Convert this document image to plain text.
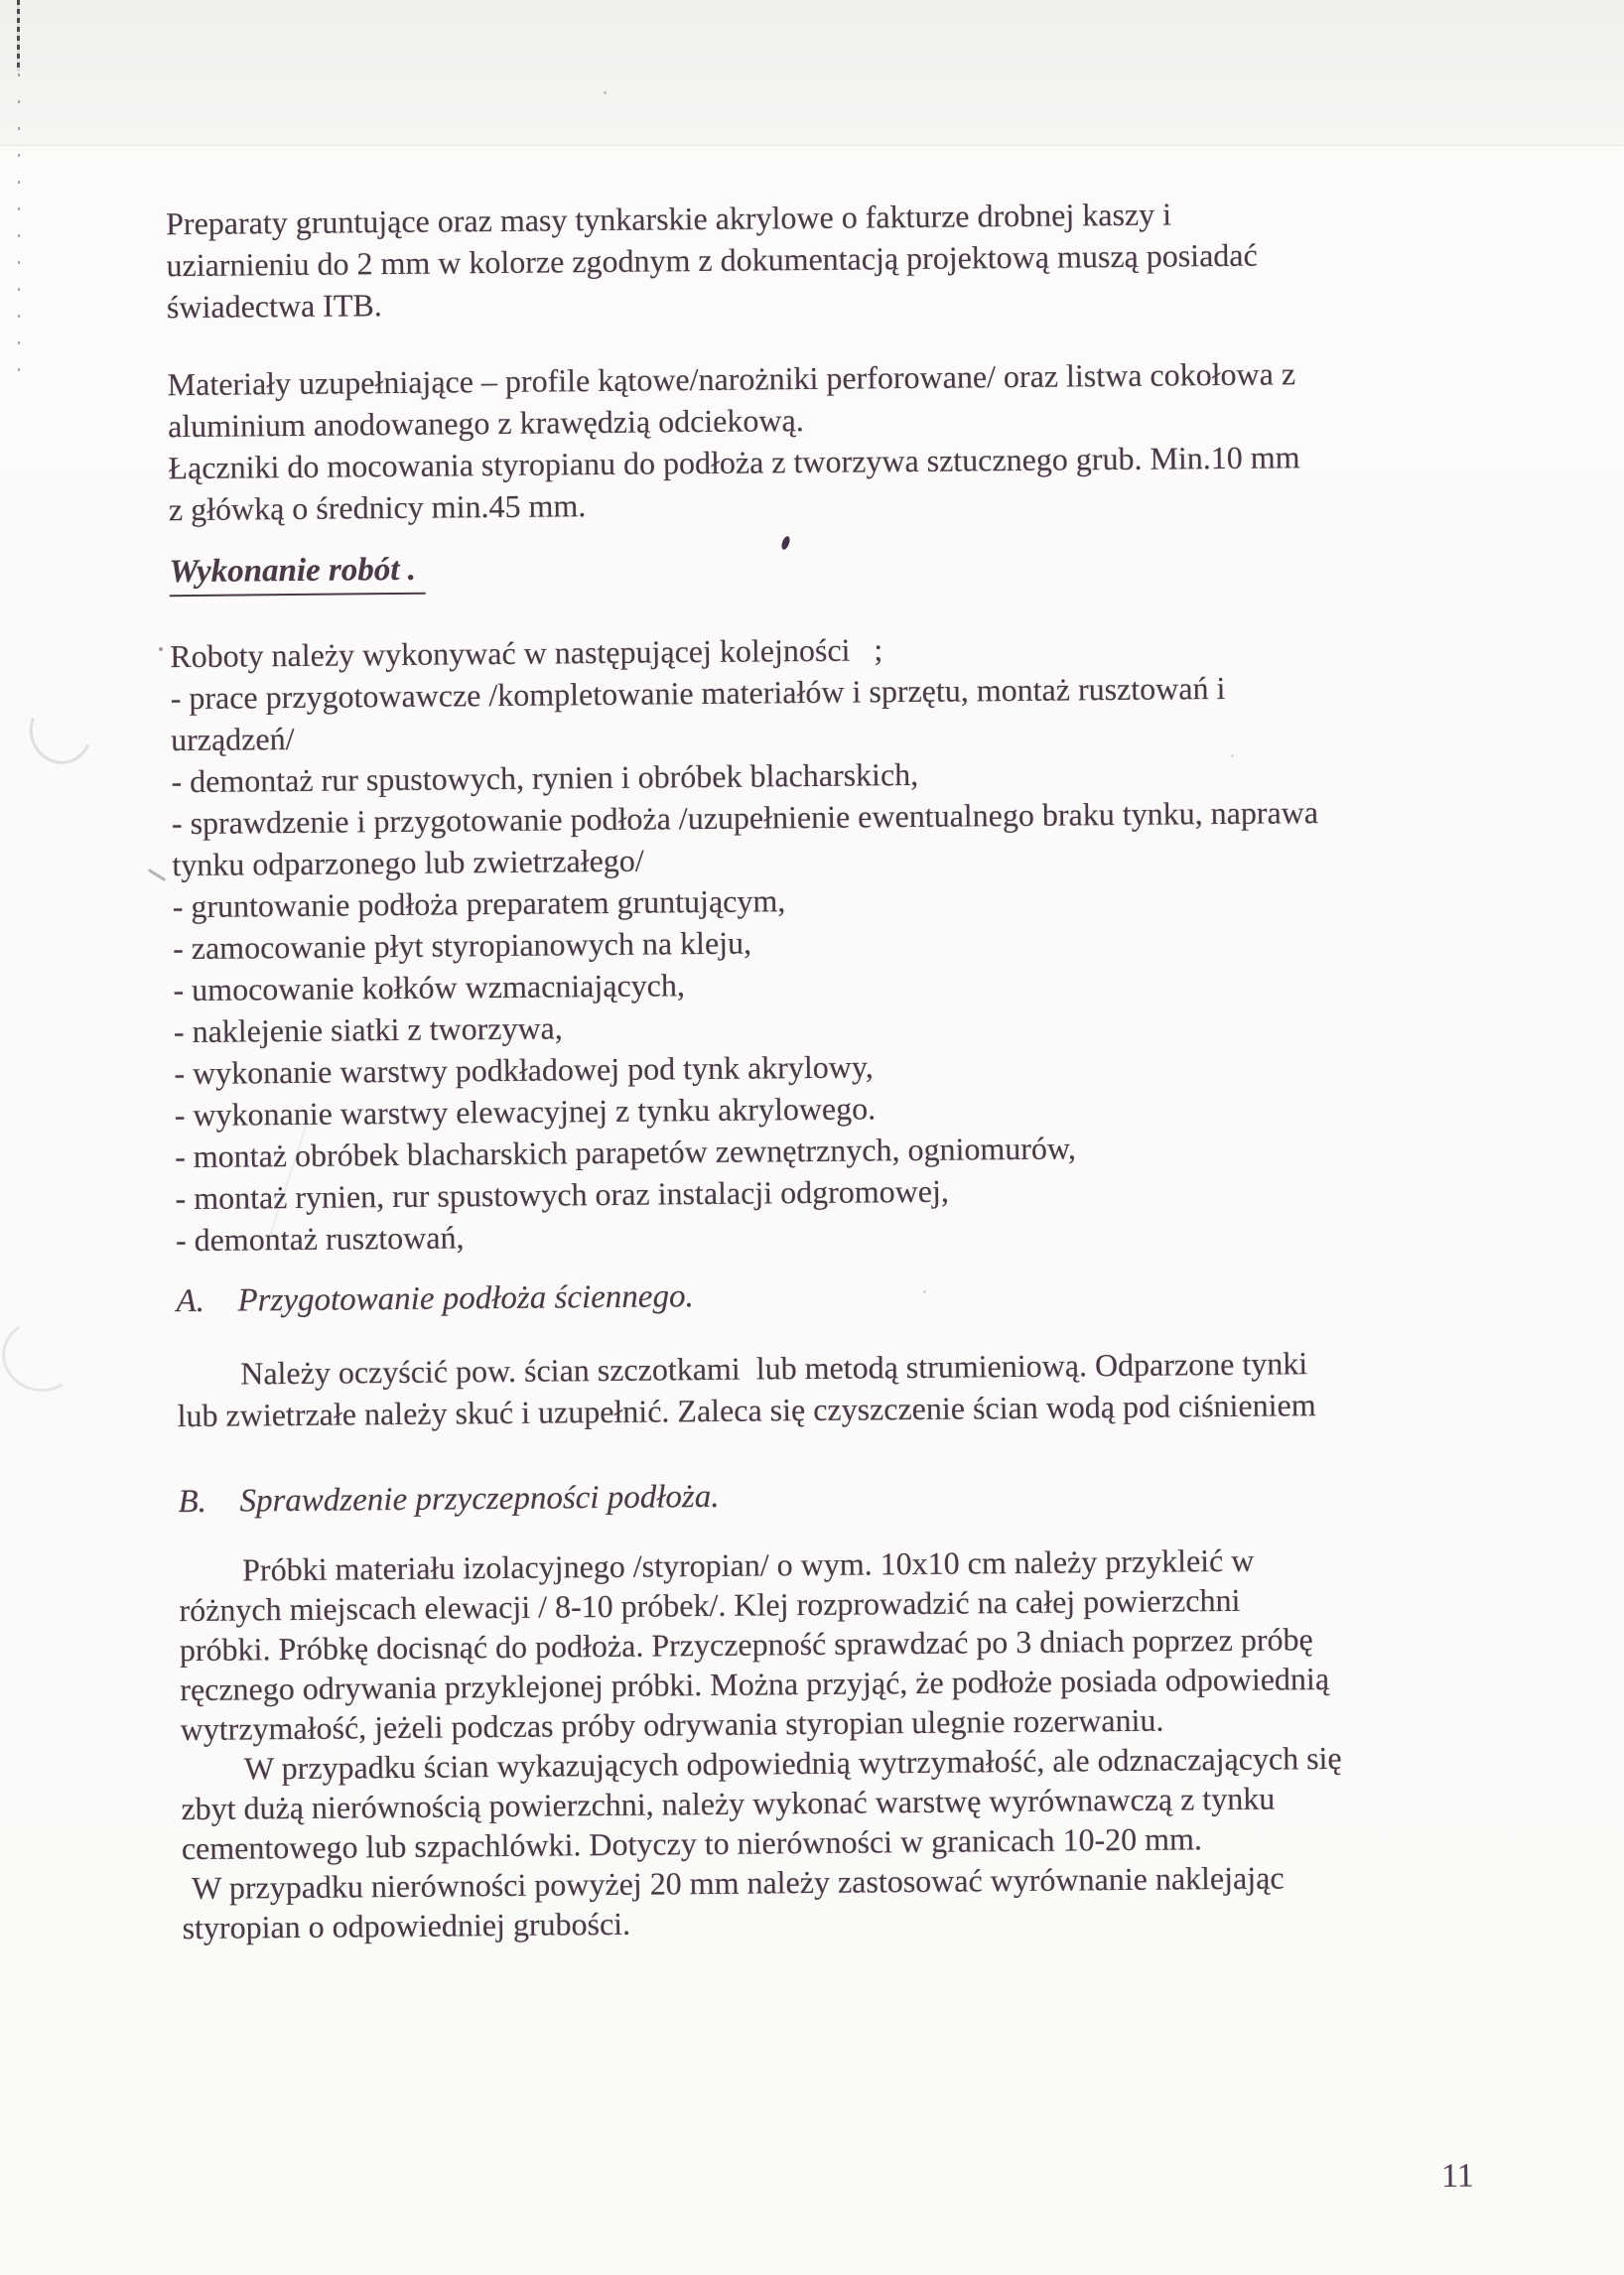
Preparaty gruntujące oraz masy tynkarskie akrylowe o fakturze drobnej kaszy i
uziarnieniu do 2 mm w kolorze zgodnym z dokumentacją projektową muszą posiadać
świadectwa ITB.
Materiały uzupełniające – profile kątowe/narożniki perforowane/ oraz listwa cokołowa z
aluminium anodowanego z krawędzią odciekową.
Łączniki do mocowania styropianu do podłoża z tworzywa sztucznego grub. Min.10 mm
z główką o średnicy min.45 mm.
Wykonanie robót .
Roboty należy wykonywać w następującej kolejności   ;
- prace przygotowawcze /kompletowanie materiałów i sprzętu, montaż rusztowań i
urządzeń/
- demontaż rur spustowych, rynien i obróbek blacharskich,
- sprawdzenie i przygotowanie podłoża /uzupełnienie ewentualnego braku tynku, naprawa
tynku odparzonego lub zwietrzałego/
- gruntowanie podłoża preparatem gruntującym,
- zamocowanie płyt styropianowych na kleju,
- umocowanie kołków wzmacniających,
- naklejenie siatki z tworzywa,
- wykonanie warstwy podkładowej pod tynk akrylowy,
- wykonanie warstwy elewacyjnej z tynku akrylowego.
- montaż obróbek blacharskich parapetów zewnętrznych, ogniomurów,
- montaż rynien, rur spustowych oraz instalacji odgromowej,
- demontaż rusztowań,
A. Przygotowanie podłoża ściennego.
Należy oczyścić pow. ścian szczotkami  lub metodą strumieniową. Odparzone tynki
lub zwietrzałe należy skuć i uzupełnić. Zaleca się czyszczenie ścian wodą pod ciśnieniem
B. Sprawdzenie przyczepności podłoża.
Próbki materiału izolacyjnego /styropian/ o wym. 10x10 cm należy przykleić w
różnych miejscach elewacji / 8-10 próbek/. Klej rozprowadzić na całej powierzchni
próbki. Próbkę docisnąć do podłoża. Przyczepność sprawdzać po 3 dniach poprzez próbę
ręcznego odrywania przyklejonej próbki. Można przyjąć, że podłoże posiada odpowiednią
wytrzymałość, jeżeli podczas próby odrywania styropian ulegnie rozerwaniu.
W przypadku ścian wykazujących odpowiednią wytrzymałość, ale odznaczających się
zbyt dużą nierównością powierzchni, należy wykonać warstwę wyrównawczą z tynku
cementowego lub szpachlówki. Dotyczy to nierówności w granicach 10-20 mm.
W przypadku nierówności powyżej 20 mm należy zastosować wyrównanie naklejając
styropian o odpowiedniej grubości.
11
